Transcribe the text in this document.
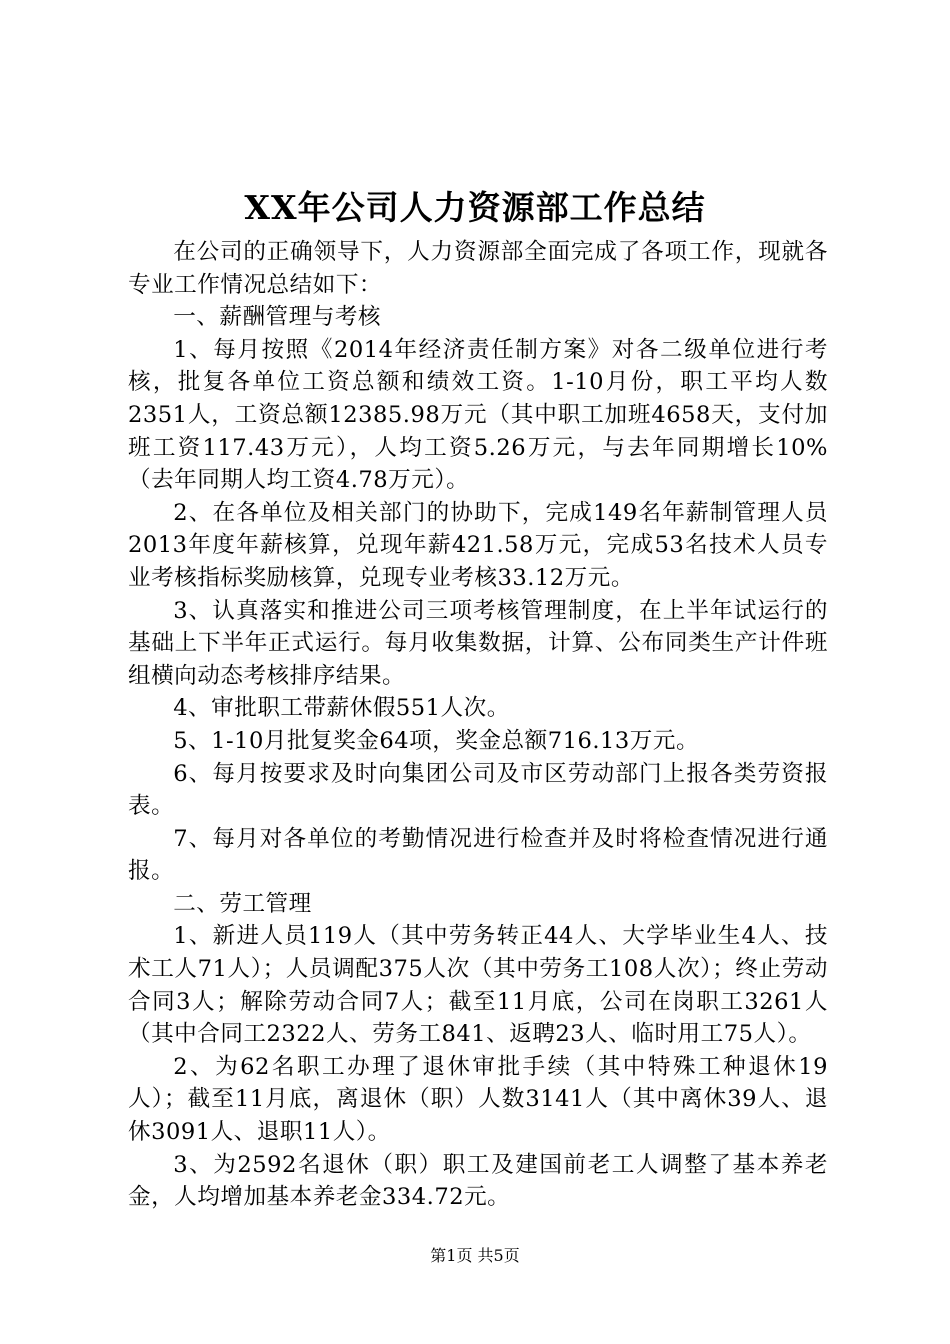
XX年公司人力资源部工作总结

在公司的正确领导下，人力资源部全面完成了各项工作，现就各专业工作情况总结如下：

一、薪酬管理与考核

1、每月按照《2014年经济责任制方案》对各二级单位进行考核，批复各单位工资总额和绩效工资。1-10月份，职工平均人数2351人，工资总额12385.98万元（其中职工加班4658天，支付加班工资117.43万元），人均工资5.26万元，与去年同期增长10%（去年同期人均工资4.78万元）。

2、在各单位及相关部门的协助下，完成149名年薪制管理人员2013年度年薪核算，兑现年薪421.58万元，完成53名技术人员专业考核指标奖励核算，兑现专业考核33.12万元。

3、认真落实和推进公司三项考核管理制度，在上半年试运行的基础上下半年正式运行。每月收集数据，计算、公布同类生产计件班组横向动态考核排序结果。

4、审批职工带薪休假551人次。

5、1-10月批复奖金64项，奖金总额716.13万元。

6、每月按要求及时向集团公司及市区劳动部门上报各类劳资报表。

7、每月对各单位的考勤情况进行检查并及时将检查情况进行通报。

二、劳工管理

1、新进人员119人（其中劳务转正44人、大学毕业生4人、技术工人71人）；人员调配375人次（其中劳务工108人次）；终止劳动合同3人；解除劳动合同7人；截至11月底，公司在岗职工3261人（其中合同工2322人、劳务工841、返聘23人、临时用工75人）。

2、为62名职工办理了退休审批手续（其中特殊工种退休19人）；截至11月底，离退休（职）人数3141人（其中离休39人、退休3091人、退职11人）。

3、为2592名退休（职）职工及建国前老工人调整了基本养老金，人均增加基本养老金334.72元。

第1页 共5页
